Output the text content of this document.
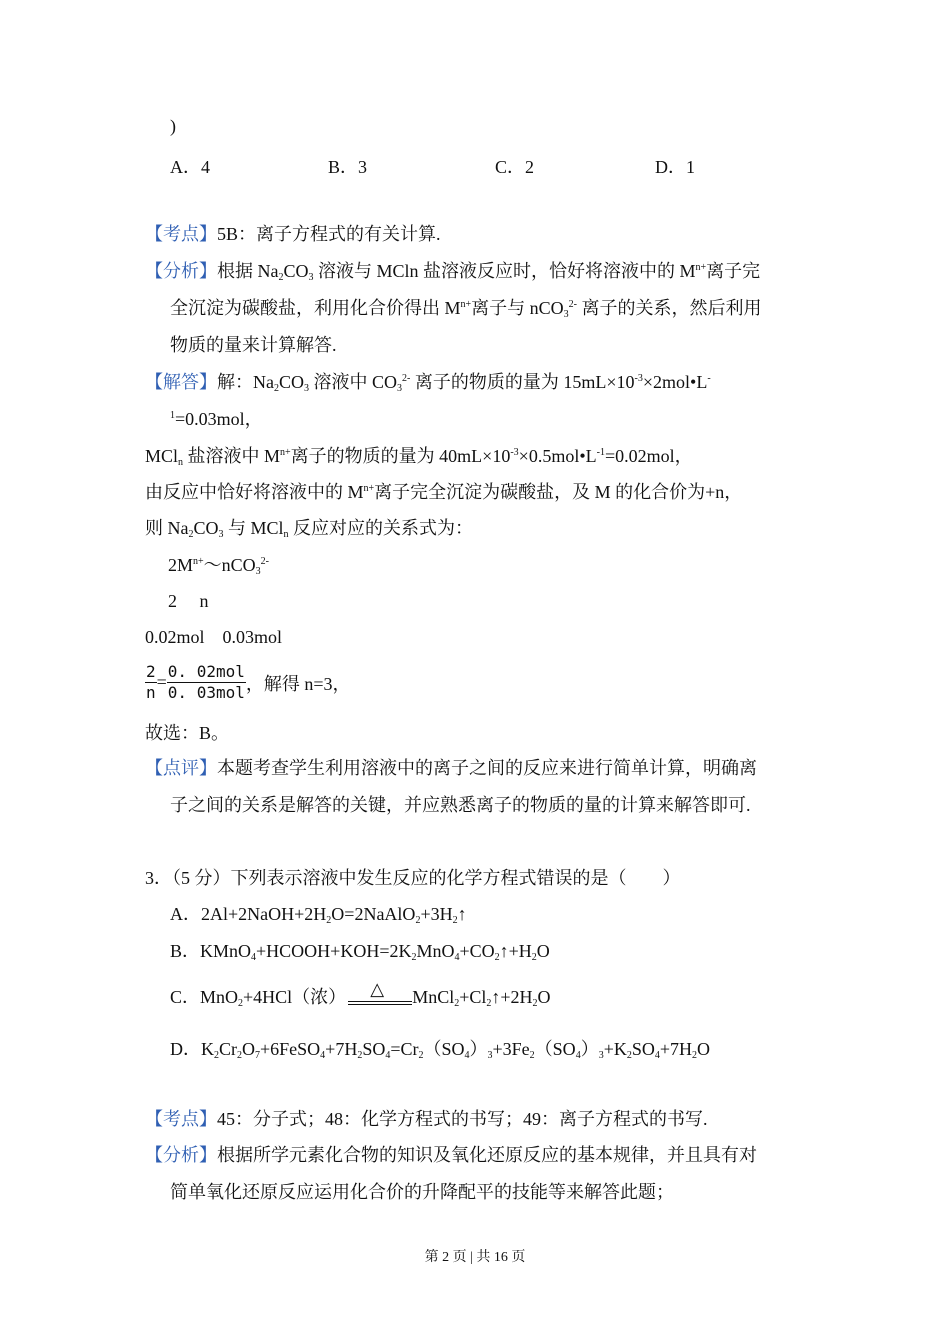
)
A．4	B．3	C．2	D．1
【考点】5B：离子方程式的有关计算.
【分析】根据 $Na_2CO_3$ 溶液与 MCln 盐溶液反应时，恰好将溶液中的 $M^{n+}$离子完
全沉淀为碳酸盐，利用化合价得出 $M^{n+}$离子与 nCO$_3^{2-}$ 离子的关系，然后利用
物质的量来计算解答.
【解答】解：$Na_2CO_3$ 溶液中 $CO_3^{2-}$ 离子的物质的量为 $15mL\times 10^{-3}\times 2mol•L^-$
$^1$=0.03mol，
MCl$_n$ 盐溶液中 $M^{n+}$离子的物质的量为 $40mL\times 10^{-3}\times 0.5mol•L^{-1}=0.02mol$，
由反应中恰好将溶液中的 $M^{n+}$离子完全沉淀为碳酸盐，及 M 的化合价为+n，
则 $Na_2CO_3$ 与 MCl$_n$ 反应对应的关系式为：
$2M^{n+}\sim nCO_3^{2-}$
2　 n
0.02mol　0.03mol
$\frac{2}{n}$ =
0. 02mol
0. 03mol ，解得 n=3，
故选：B。
【点评】本题考查学生利用溶液中的离子之间的反应来进行简单计算，明确离
子之间的关系是解答的关键，并应熟悉离子的物质的量的计算来解答即可.
3．（5 分）下列表示溶液中发生反应的化学方程式错误的是（　　）
A．$2Al+2NaOH+2H_2O=2NaAlO_2+3H_2↑$
B．$KMnO_4+HCOOH+KOH=2K_2MnO_4+CO_2↑+H_2O$
C．MnO$_2$+4HCl（浓） △ $MnCl_2+Cl_2↑+2H_2O$
D．$K_2Cr_2O_7+6FeSO_4+7H_2SO_4=Cr_2(SO_4)_3+3Fe_2(SO_4)_3+K_2SO_4+7H_2O$
【考点】45：分子式；48：化学方程式的书写；49：离子方程式的书写.
【分析】根据所学元素化合物的知识及氧化还原反应的基本规律，并且具有对
简单氧化还原反应运用化合价的升降配平的技能等来解答此题；
第 2 页 | 共 16 页
